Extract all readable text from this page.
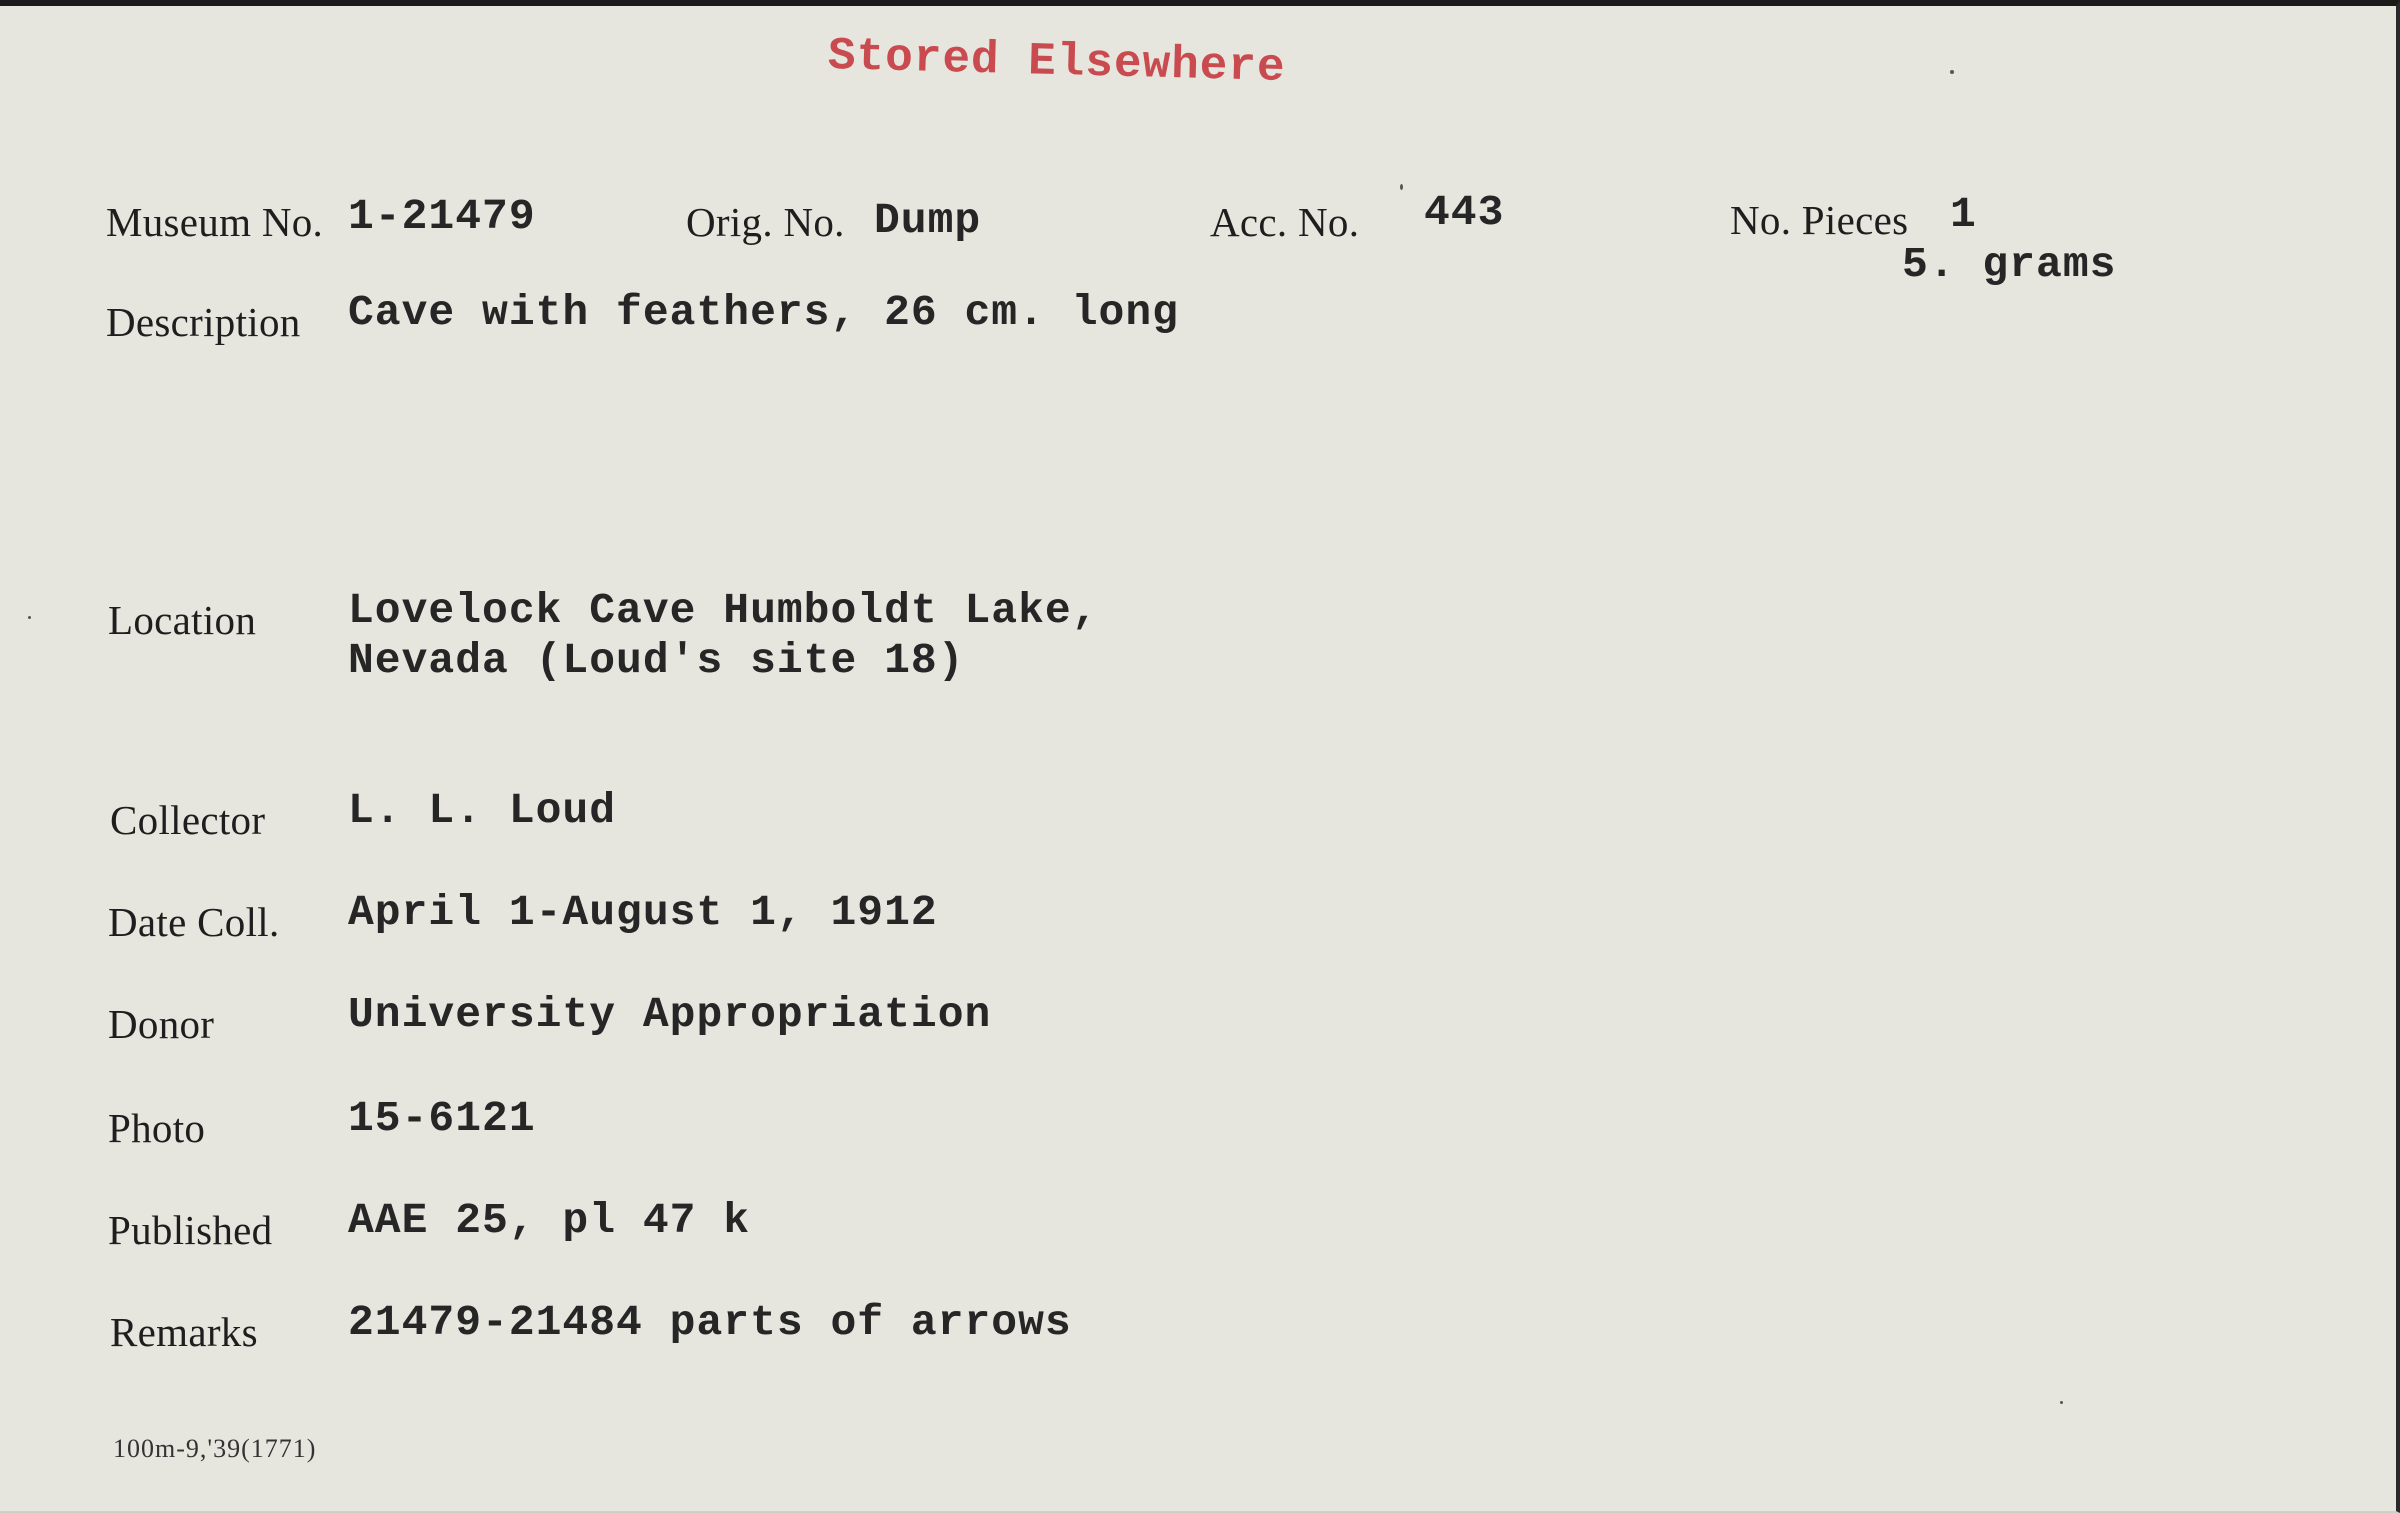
Stored Elsewhere
Museum No. 1-21479	Orig. No. Dump	Acc. No. 443	No. Pieces 1
5. grams
Description Cave with feathers, 26 cm. long
Location Lovelock Cave Humboldt Lake,
Nevada (Loud's site 18)
Collector L. L. Loud
Date Coll. April 1-August 1, 1912
Donor	University Appropriation
Photo	15-6121
Published AAE 25, pl 47 k
Remarks 21479-21484 parts of arrows
100m-9,'39(1771)
